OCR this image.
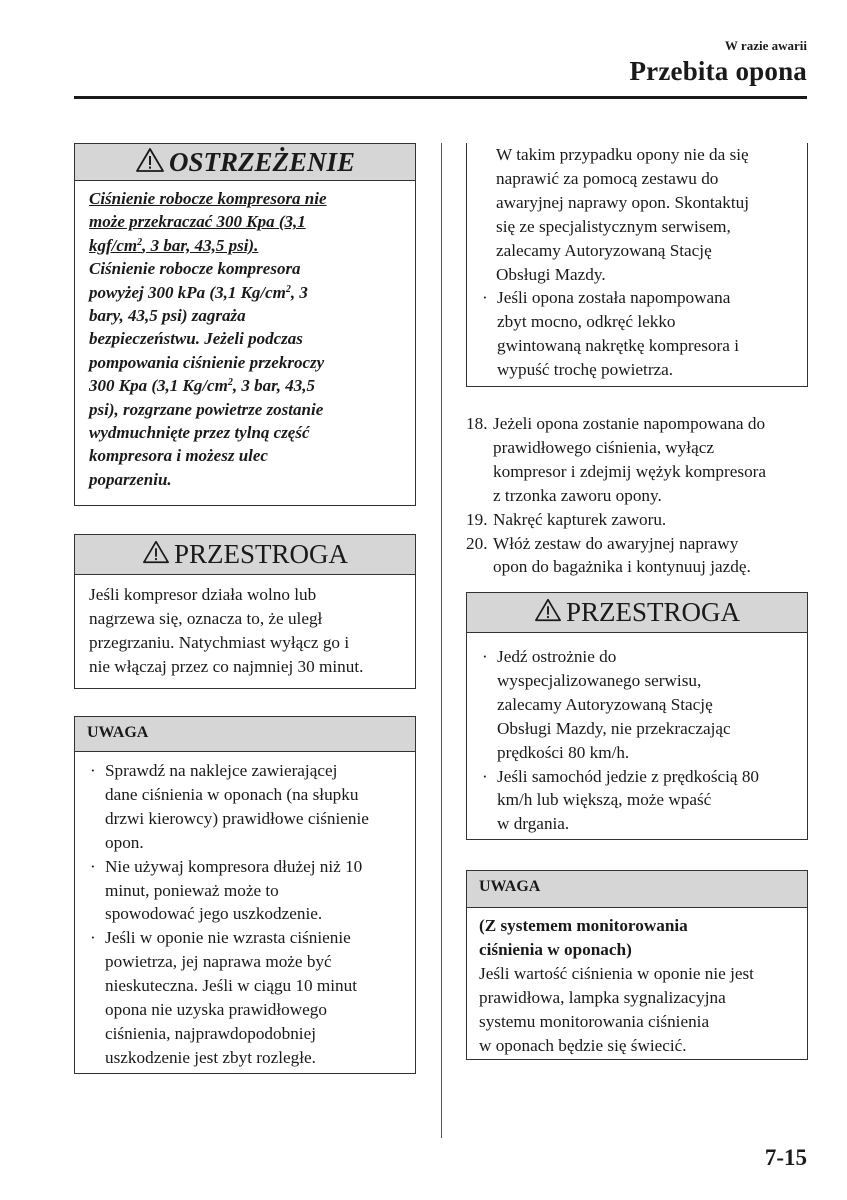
W razie awarii
Przebita opona
OSTRZEŻENIE
Ciśnienie robocze kompresora nie
może przekraczać 300 Kpa (3,1
kgf/$cm^2$, 3 bar, 43,5 psi).
Ciśnienie robocze kompresora
powyżej 300 kPa (3,1 $Kg/cm^2$, 3
bary, 43,5 psi) zagraża
bezpieczeństwu. Jeżeli podczas
pompowania ciśnienie przekroczy
300 Kpa (3,1 $Kg/cm^2$, 3 bar, 43,5
psi), rozgrzane powietrze zostanie
wydmuchnięte przez tylną część
kompresora i możesz ulec
poparzeniu.
PRZESTROGA
Jeśli kompresor działa wolno lub
nagrzewa się, oznacza to, że uległ
przegrzaniu. Natychmiast wyłącz go i
nie włączaj przez co najmniej 30 minut.
UWAGA
· Sprawdź na naklejce zawierającej
dane ciśnienia w oponach (na słupku
drzwi kierowcy) prawidłowe ciśnienie
opon.
· Nie używaj kompresora dłużej niż 10
minut, ponieważ może to
spowodować jego uszkodzenie.
· Jeśli w oponie nie wzrasta ciśnienie
powietrza, jej naprawa może być
nieskuteczna. Jeśli w ciągu 10 minut
opona nie uzyska prawidłowego
ciśnienia, najprawdopodobniej
uszkodzenie jest zbyt rozległe.
W takim przypadku opony nie da się
naprawić za pomocą zestawu do
awaryjnej naprawy opon. Skontaktuj
się ze specjalistycznym serwisem,
zalecamy Autoryzowaną Stację
Obsługi Mazdy.
· Jeśli opona została napompowana
zbyt mocno, odkręć lekko
gwintowaną nakrętkę kompresora i
wypuść trochę powietrza.
18. Jeżeli opona zostanie napompowana do
prawidłowego ciśnienia, wyłącz
kompresor i zdejmij wężyk kompresora
z trzonka zaworu opony.
19. Nakręć kapturek zaworu.
20. Włóż zestaw do awaryjnej naprawy
opon do bagażnika i kontynuuj jazdę.
PRZESTROGA
· Jedź ostrożnie do
wyspecjalizowanego serwisu,
zalecamy Autoryzowaną Stację
Obsługi Mazdy, nie przekraczając
prędkości 80 km/h.
· Jeśli samochód jedzie z prędkością 80
km/h lub większą, może wpaść
w drgania.
UWAGA
(Z systemem monitorowania
ciśnienia w oponach)
Jeśli wartość ciśnienia w oponie nie jest
prawidłowa, lampka sygnalizacyjna
systemu monitorowania ciśnienia
w oponach będzie się świecić.
7-15
